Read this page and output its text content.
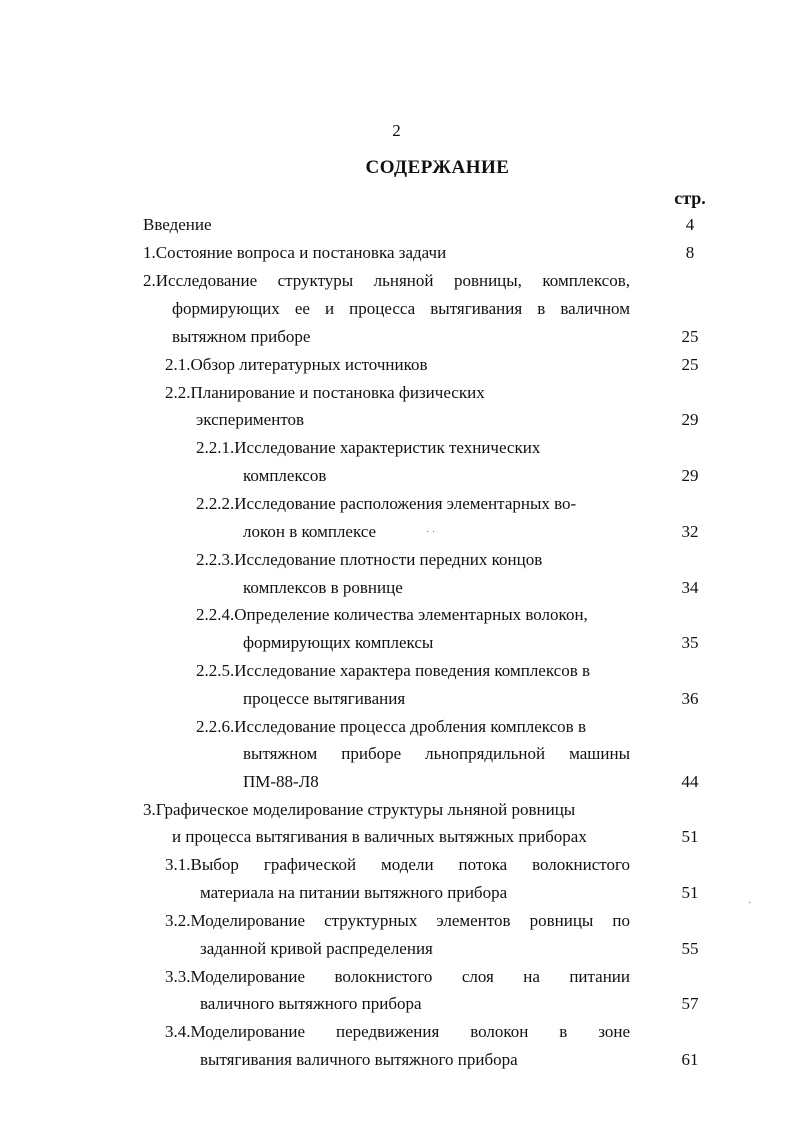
2
СОДЕРЖАНИЕ
стр.
Введение	4
1.Состояние вопроса и постановка задачи	8
2.Исследование структуры льняной ровницы, комплексов,
формирующих ее и процесса вытягивания в валичном
вытяжном приборе	25
2.1.Обзор литературных источников	25
2.2.Планирование и постановка физических
экспериментов	29
2.2.1.Исследование характеристик технических
комплексов	29
2.2.2.Исследование расположения элементарных во-
локон в комплексе	· ·	32
2.2.3.Исследование плотности передних концов
комплексов в ровнице	34
2.2.4.Определение количества элементарных волокон,
формирующих комплексы	35
2.2.5.Исследование характера поведения комплексов в
процессе вытягивания	36
2.2.6.Исследование процесса дробления комплексов в
вытяжном приборе льнопрядильной машины
ПМ-88-Л8	44
3.Графическое моделирование структуры льняной ровницы
и процесса вытягивания в валичных вытяжных приборах	51
3.1.Выбор графической модели потока волокнистого
материала на питании вытяжного прибора	51
3.2.Моделирование структурных элементов ровницы по
заданной кривой распределения	55
3.3.Моделирование волокнистого слоя на питании
валичного вытяжного прибора	57
3.4.Моделирование передвижения волокон в зоне
вытягивания валичного вытяжного прибора	61
·
